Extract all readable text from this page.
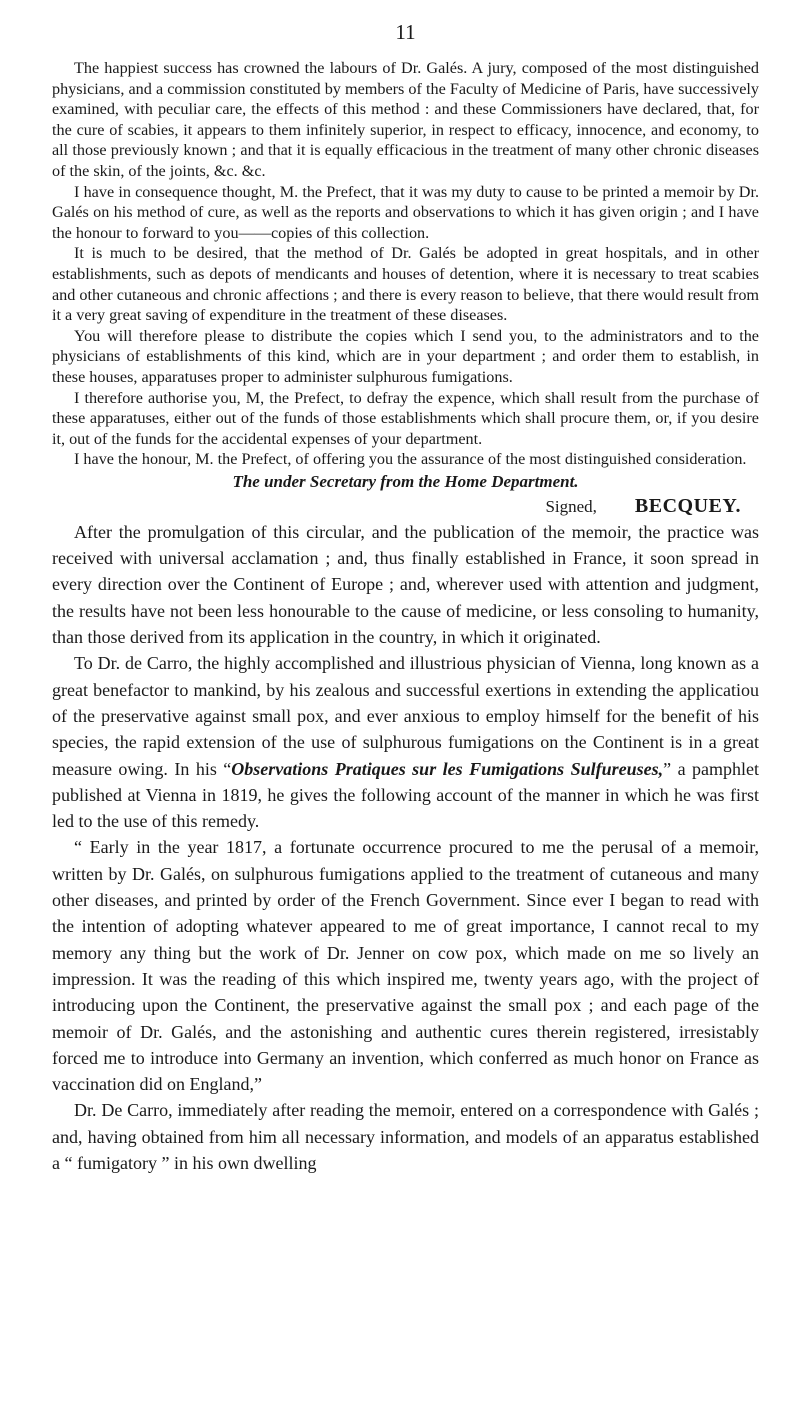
11

The happiest success has crowned the labours of Dr. Galés. A jury, composed of the most distinguished physicians, and a commission constituted by members of the Faculty of Medicine of Paris, have successively examined, with peculiar care, the effects of this method : and these Commissioners have declared, that, for the cure of scabies, it appears to them infinitely superior, in respect to efficacy, innocence, and economy, to all those previously known ; and that it is equally efficacious in the treatment of many other chronic diseases of the skin, of the joints, &c. &c.

I have in consequence thought, M. the Prefect, that it was my duty to cause to be printed a memoir by Dr. Galés on his method of cure, as well as the reports and observations to which it has given origin ; and I have the honour to forward to you——copies of this collection.

It is much to be desired, that the method of Dr. Galés be adopted in great hospitals, and in other establishments, such as depots of mendicants and houses of detention, where it is necessary to treat scabies and other cutaneous and chronic affections ; and there is every reason to believe, that there would result from it a very great saving of expenditure in the treatment of these diseases.

You will therefore please to distribute the copies which I send you, to the administrators and to the physicians of establishments of this kind, which are in your department ; and order them to establish, in these houses, apparatuses proper to administer sulphurous fumigations.

I therefore authorise you, M, the Prefect, to defray the expence, which shall result from the purchase of these apparatuses, either out of the funds of those establishments which shall procure them, or, if you desire it, out of the funds for the accidental expenses of your department.

I have the honour, M. the Prefect, of offering you the assurance of the most distinguished consideration.

The under Secretary from the Home Department.

Signed, BECQUEY.

After the promulgation of this circular, and the publication of the memoir, the practice was received with universal acclamation ; and, thus finally established in France, it soon spread in every direction over the Continent of Europe ; and, wherever used with attention and judgment, the results have not been less honourable to the cause of medicine, or less consoling to humanity, than those derived from its application in the country, in which it originated.

To Dr. de Carro, the highly accomplished and illustrious physician of Vienna, long known as a great benefactor to mankind, by his zealous and successful exertions in extending the applicatiou of the preservative against small pox, and ever anxious to employ himself for the benefit of his species, the rapid extension of the use of sulphurous fumigations on the Continent is in a great measure owing. In his “Observations Pratiques sur les Fumigations Sulfureuses,” a pamphlet published at Vienna in 1819, he gives the following account of the manner in which he was first led to the use of this remedy.

“ Early in the year 1817, a fortunate occurrence procured to me the perusal of a memoir, written by Dr. Galés, on sulphurous fumigations applied to the treatment of cutaneous and many other diseases, and printed by order of the French Government. Since ever I began to read with the intention of adopting whatever appeared to me of great importance, I cannot recal to my memory any thing but the work of Dr. Jenner on cow pox, which made on me so lively an impression. It was the reading of this which inspired me, twenty years ago, with the project of introducing upon the Continent, the preservative against the small pox ; and each page of the memoir of Dr. Galés, and the astonishing and authentic cures therein registered, irresistably forced me to introduce into Germany an invention, which conferred as much honor on France as vaccination did on England,”

Dr. De Carro, immediately after reading the memoir, entered on a correspondence with Galés ; and, having obtained from him all necessary information, and models of an apparatus established a “ fumigatory ” in his own dwelling
